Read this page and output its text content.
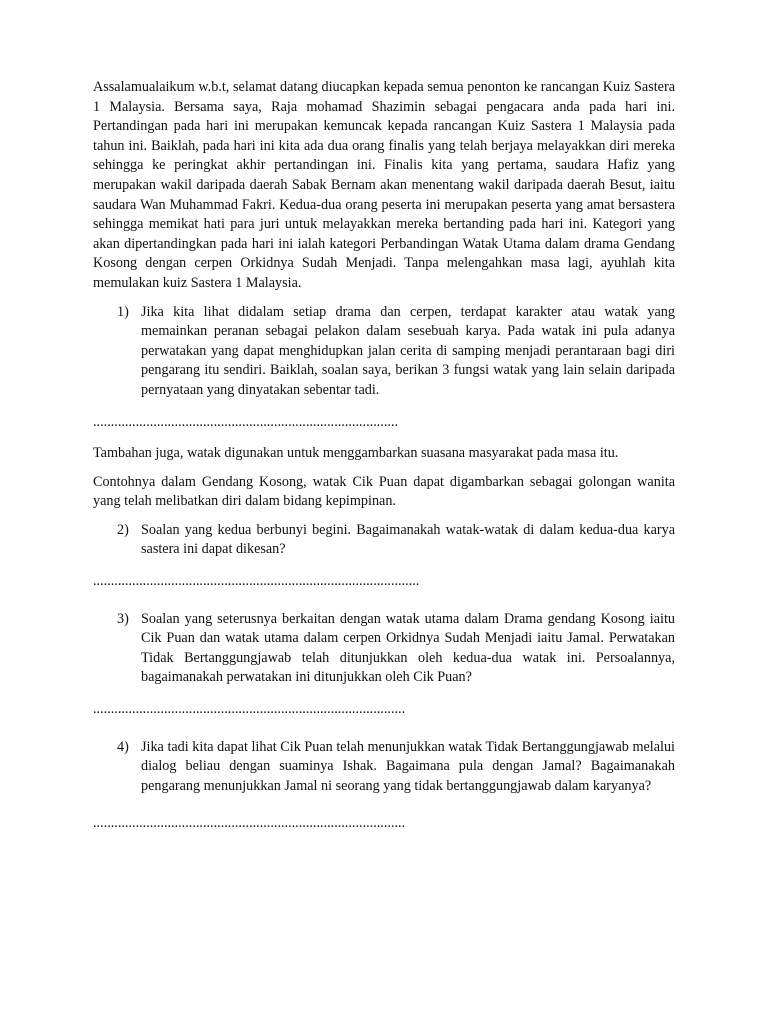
Assalamualaikum w.b.t, selamat datang diucapkan kepada semua penonton ke rancangan Kuiz Sastera 1 Malaysia. Bersama saya, Raja mohamad Shazimin sebagai pengacara anda pada hari ini. Pertandingan pada hari ini merupakan kemuncak kepada rancangan Kuiz Sastera 1 Malaysia pada tahun ini. Baiklah, pada hari ini kita ada dua orang finalis yang telah berjaya melayakkan diri mereka sehingga ke peringkat akhir pertandingan ini. Finalis kita yang pertama, saudara Hafiz yang merupakan wakil daripada daerah Sabak Bernam akan menentang wakil daripada daerah Besut, iaitu saudara Wan Muhammad Fakri. Kedua-dua orang peserta ini merupakan peserta yang amat bersastera sehingga memikat hati para juri untuk melayakkan mereka bertanding pada hari ini. Kategori yang akan dipertandingkan pada hari ini ialah kategori Perbandingan Watak Utama dalam drama Gendang Kosong dengan cerpen Orkidnya Sudah Menjadi. Tanpa melengahkan masa lagi, ayuhlah kita memulakan kuiz Sastera 1 Malaysia.

1) Jika kita lihat didalam setiap drama dan cerpen, terdapat karakter atau watak yang memainkan peranan sebagai pelakon dalam sesebuah karya. Pada watak ini pula adanya perwatakan yang dapat menghidupkan jalan cerita di samping menjadi perantaraan bagi diri pengarang itu sendiri. Baiklah, soalan saya, berikan 3 fungsi watak yang lain selain daripada pernyataan yang dinyatakan sebentar tadi.

......................................................................................

Tambahan juga, watak digunakan untuk menggambarkan suasana masyarakat pada masa itu.

Contohnya dalam Gendang Kosong, watak Cik Puan dapat digambarkan sebagai golongan wanita yang telah melibatkan diri dalam bidang kepimpinan.

2) Soalan yang kedua berbunyi begini. Bagaimanakah watak-watak di dalam kedua-dua karya sastera ini dapat dikesan?

............................................................................................

3) Soalan yang seterusnya berkaitan dengan watak utama dalam Drama gendang Kosong iaitu Cik Puan dan watak utama dalam cerpen Orkidnya Sudah Menjadi iaitu Jamal. Perwatakan Tidak Bertanggungjawab telah ditunjukkan oleh kedua-dua watak ini. Persoalannya, bagaimanakah perwatakan ini ditunjukkan oleh Cik Puan?

........................................................................................

4) Jika tadi kita dapat lihat Cik Puan telah menunjukkan watak Tidak Bertanggungjawab melalui dialog beliau dengan suaminya Ishak. Bagaimana pula dengan Jamal? Bagaimanakah pengarang menunjukkan Jamal ni seorang yang tidak bertanggungjawab dalam karyanya?

........................................................................................
